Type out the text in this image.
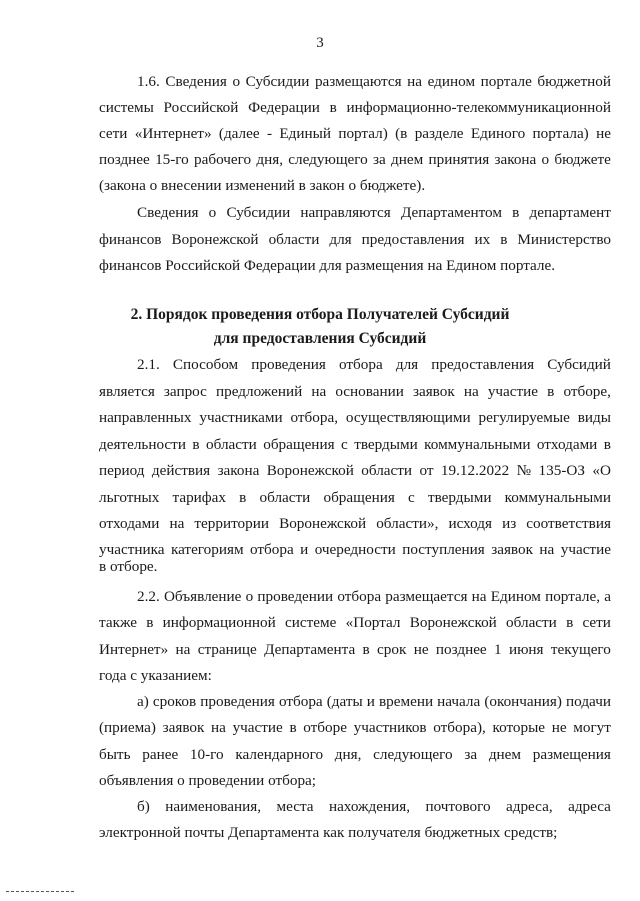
3
1.6. Сведения о Субсидии размещаются на едином портале бюджетной
системы Российской Федерации в информационно-телекоммуникационной
сети «Интернет» (далее - Единый портал) (в разделе Единого портала) не
позднее 15-го рабочего дня, следующего за днем принятия закона о бюджете
(закона о внесении изменений в закон о бюджете).
Сведения о Субсидии направляются Департаментом в департамент
финансов Воронежской области для предоставления их в Министерство
финансов Российской Федерации для размещения на Едином портале.
2. Порядок проведения отбора Получателей Субсидий
для предоставления Субсидий
2.1. Способом проведения отбора для предоставления Субсидий
является запрос предложений на основании заявок на участие в отборе,
направленных участниками отбора, осуществляющими регулируемые виды
деятельности в области обращения с твердыми коммунальными отходами в
период действия закона Воронежской области от 19.12.2022 № 135-ОЗ «О
льготных тарифах в области обращения с твердыми коммунальными
отходами на территории Воронежской области», исходя из соответствия
участника категориям отбора и очередности поступления заявок на участие
в отборе.
2.2. Объявление о проведении отбора размещается на Едином портале, а
также в информационной системе «Портал Воронежской области в сети
Интернет» на странице Департамента в срок не позднее 1 июня текущего
года с указанием:
а) сроков проведения отбора (даты и времени начала (окончания) подачи
(приема) заявок на участие в отборе участников отбора), которые не могут
быть ранее 10-го календарного дня, следующего за днем размещения
объявления о проведении отбора;
б) наименования, места нахождения, почтового адреса, адреса
электронной почты Департамента как получателя бюджетных средств;
